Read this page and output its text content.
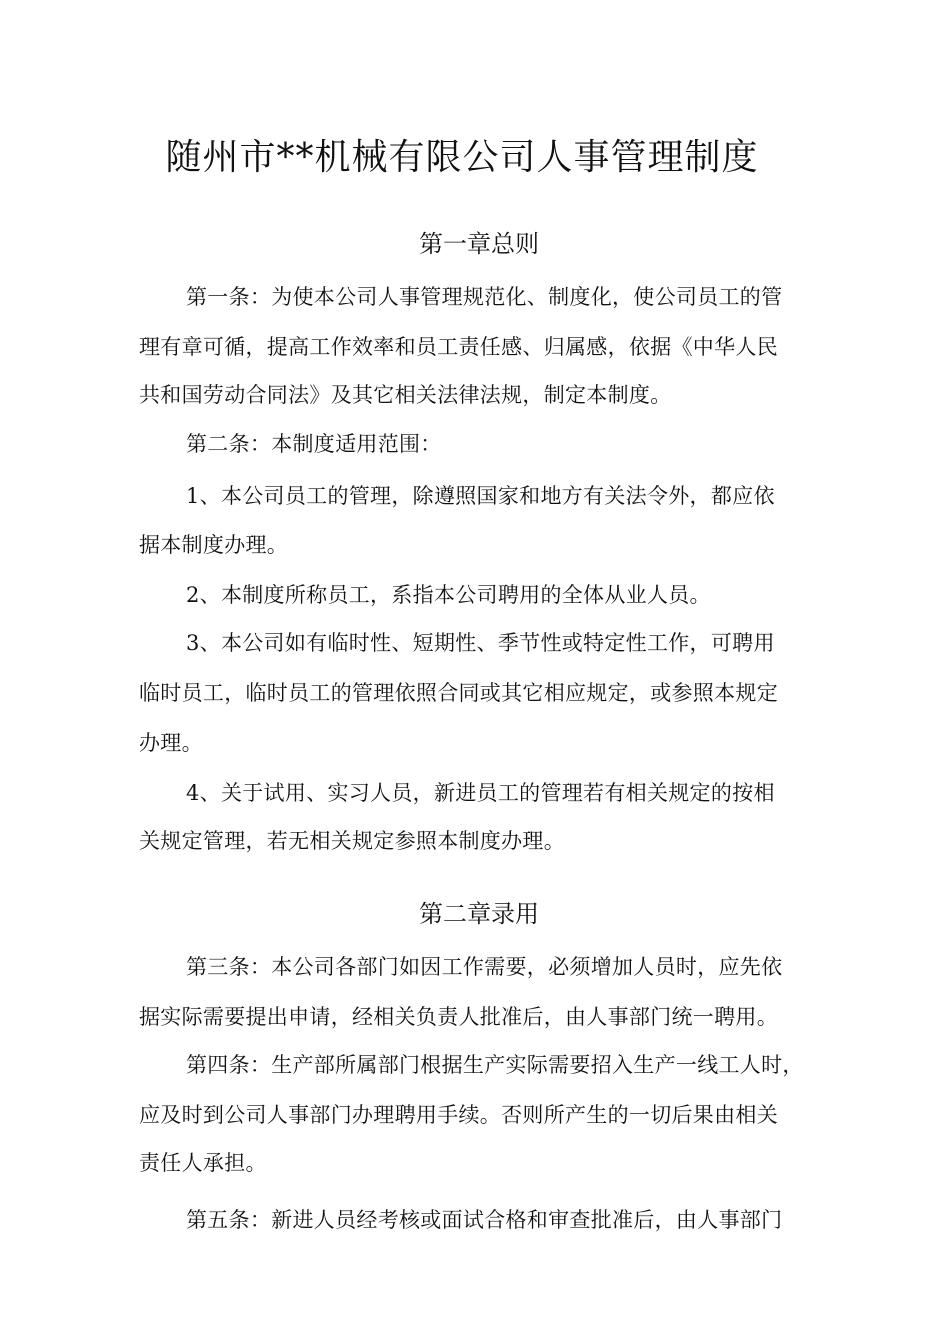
随州市**机械有限公司人事管理制度
第一章总则
第一条：为使本公司人事管理规范化、制度化，使公司员工的管
理有章可循，提高工作效率和员工责任感、归属感，依据《中华人民
共和国劳动合同法》及其它相关法律法规，制定本制度。
第二条：本制度适用范围：
1、本公司员工的管理，除遵照国家和地方有关法令外，都应依
据本制度办理。
2、本制度所称员工，系指本公司聘用的全体从业人员。
3、本公司如有临时性、短期性、季节性或特定性工作，可聘用
临时员工，临时员工的管理依照合同或其它相应规定，或参照本规定
办理。
4、关于试用、实习人员，新进员工的管理若有相关规定的按相
关规定管理，若无相关规定参照本制度办理。
第二章录用
第三条：本公司各部门如因工作需要，必须增加人员时，应先依
据实际需要提出申请，经相关负责人批准后，由人事部门统一聘用。
第四条：生产部所属部门根据生产实际需要招入生产一线工人时，
应及时到公司人事部门办理聘用手续。否则所产生的一切后果由相关
责任人承担。
第五条：新进人员经考核或面试合格和审查批准后，由人事部门
